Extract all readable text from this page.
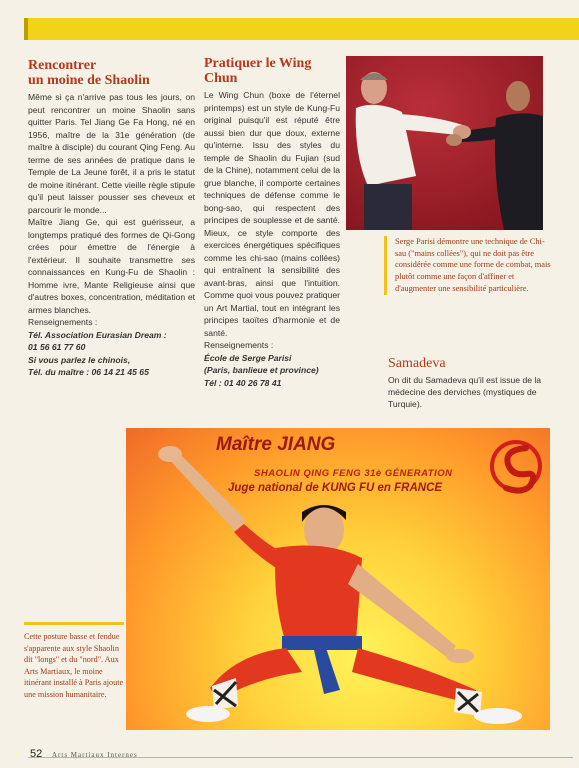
Rencontrer
un moine de Shaolin

Même si ça n'arrive pas tous les jours, on peut rencontrer un moine Shaolin sans quitter Paris. Tel Jiang Ge Fa Hong, né en 1956, maître de la 31e génération (de maître à disciple) du courant Qing Feng. Au terme de ses années de pratique dans le Temple de La Jeune forêt, il a pris le statut de moine itinérant. Cette vieille règle stipule qu'il peut laisser pousser ses cheveux et parcourir le monde...

Maître Jiang Ge, qui est guérisseur, a longtemps pratiqué des formes de Qi-Gong crées pour émettre de l'énergie à l'extérieur. Il souhaite transmettre ses connaissances en Kung-Fu de Shaolin : Homme ivre, Mante Religieuse ainsi que d'autres boxes, concentration, méditation et armes blanches.

Renseignements :

Tél. Association Eurasian Dream :

01 56 61 77 60

Si vous parlez le chinois,

Tél. du maître : 06 14 21 45 65

Pratiquer le Wing Chun

Le Wing Chun (boxe de l'éternel printemps) est un style de Kung-Fu original puisqu'il est réputé être aussi bien dur que doux, externe qu'interne. Issu des styles du temple de Shaolin du Fujian (sud de la Chine), notamment celui de la grue blanche, il comporte certaines techniques de défense comme le bong-sao, qui respectent des principes de souplesse et de santé. Mieux, ce style comporte des exercices énergétiques spécifiques comme les chi-sao (mains collées) qui entraînent la sensibilité des avant-bras, ainsi que l'intuition. Comme quoi vous pouvez pratiquer un Art Martial, tout en intégrant les principes taoïtes d'harmonie et de santé.

Renseignements :

École de Serge Parisi

(Paris, banlieue et province)

Tél : 01 40 26 78 41

Serge Parisi démontre une technique de Chi-sau ("mains collées"), qui ne doit pas être considérée comme une forme de combat, mais plutôt comme une façon d'affiner et d'augmenter une sensibilité particulière.
Samadeva
On dit du Samadeva qu'il est issue de la médecine des derviches (mystiques de Turquie).
Maître JIANG
SHAOLIN QING FENG 31è GÉNERATION
Juge national de KUNG FU en FRANCE
Cette posture basse et fendue s'apparente aux style Shaolin dit "longs" et du "nord". Aux Arts Martiaux, le moine itinérant installé à Paris ajoute une mission humanitaire.
52 Arts Martiaux Internes
